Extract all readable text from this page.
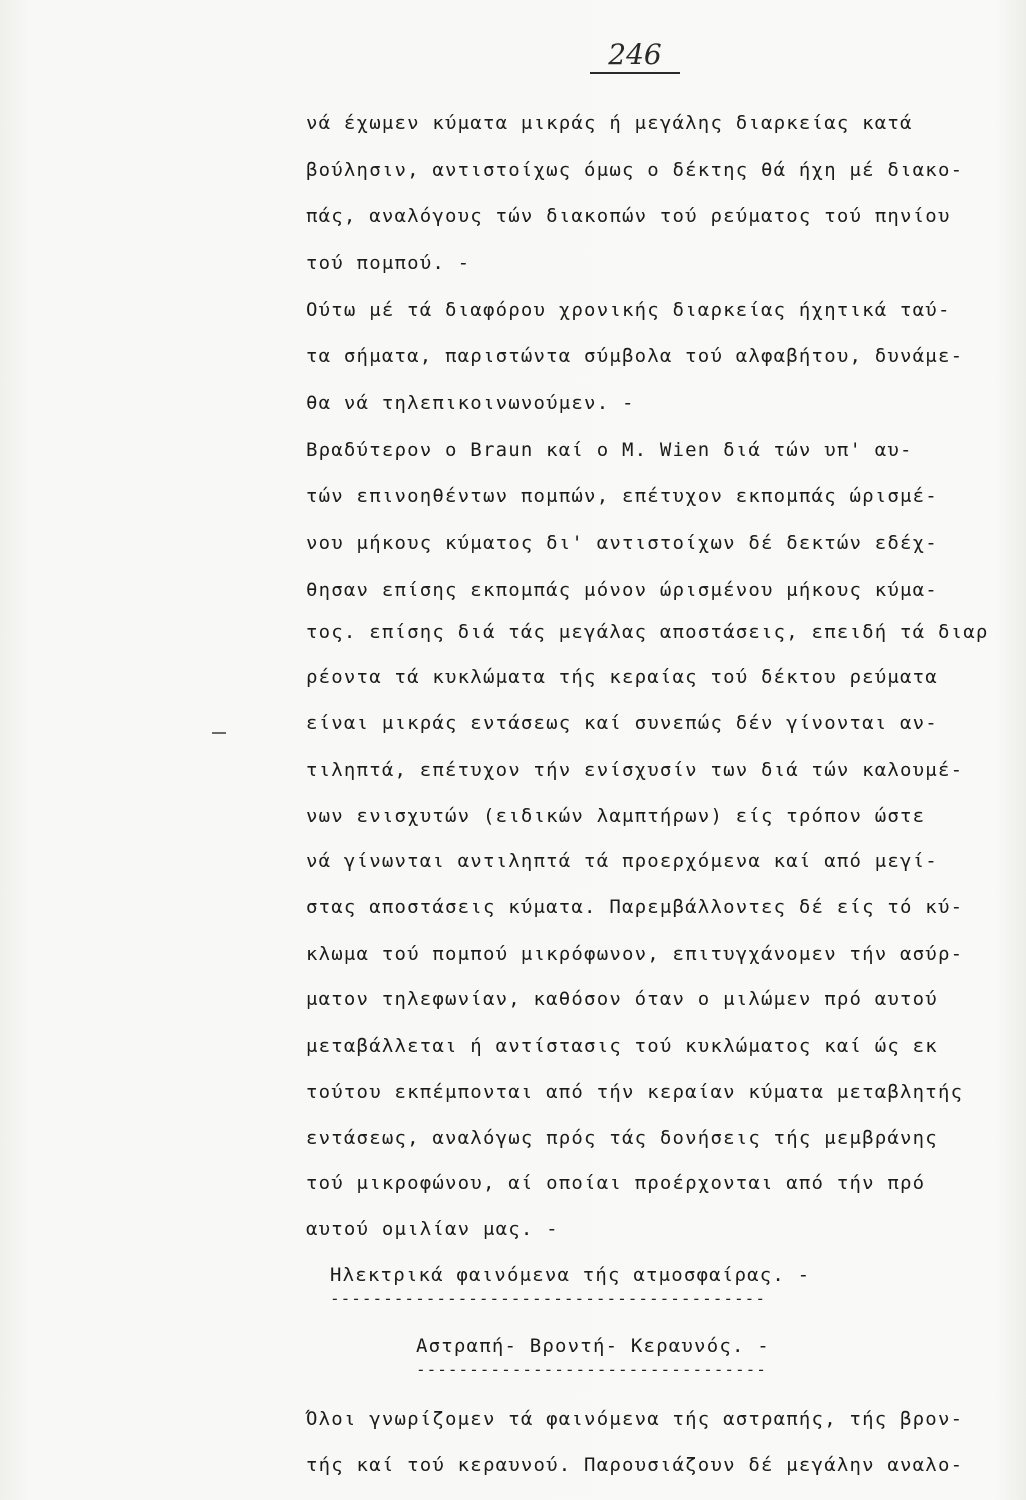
246
νά έχωμεν κύματα μικράς ή μεγάλης διαρκείας κατά
βούλησιν, αντιστοίχως όμως ο δέκτης θά ήχη μέ διακο-
πάς, αναλόγους τών διακοπών τού ρεύματος τού πηνίου
τού πομπού. -
Ούτω μέ τά διαφόρου χρονικής διαρκείας ήχητικά ταύ-
τα σήματα, παριστώντα σύμβολα τού αλφαβήτου, δυνάμε-
θα νά τηλεπικοινωνούμεν. -
Βραδύτερον ο Braun καί ο Μ. Wien διά τών υπ' αυ-
τών επινοηθέντων πομπών, επέτυχον εκπομπάς ώρισμέ-
νου μήκους κύματος δι' αντιστοίχων δέ δεκτών εδέχ-
θησαν επίσης εκπομπάς μόνον ώρισμένου μήκους κύμα-
τος. επίσης διά τάς μεγάλας αποστάσεις, επειδή τά διαρ
ρέοντα τά κυκλώματα τής κεραίας τού δέκτου ρεύματα
είναι μικράς εντάσεως καί συνεπώς δέν γίνονται αν-
τιληπτά, επέτυχον τήν ενίσχυσίν των διά τών καλουμέ-
νων ενισχυτών (ειδικών λαμπτήρων) είς τρόπον ώστε
νά γίνωνται αντιληπτά τά προερχόμενα καί από μεγί-
στας αποστάσεις κύματα. Παρεμβάλλοντες δέ είς τό κύ-
κλωμα τού πομπού μικρόφωνον, επιτυγχάνομεν τήν ασύρ-
ματον τηλεφωνίαν, καθόσον όταν ο μιλώμεν πρό αυτού
μεταβάλλεται ή αντίστασις τού κυκλώματος καί ώς εκ
τούτου εκπέμπονται από τήν κεραίαν κύματα μεταβλητής
εντάσεως, αναλόγως πρός τάς δονήσεις τής μεμβράνης
τού μικροφώνου, αί οποίαι προέρχονται από τήν πρό
αυτού ομιλίαν μας. -
Ηλεκτρικά φαινόμενα τής ατμοσφαίρας. -
-----------------------------------------
Αστραπή- Βροντή- Κεραυνός. -
---------------------------------
Όλοι γνωρίζομεν τά φαινόμενα τής αστραπής, τής βρον-
τής καί τού κεραυνού. Παρουσιάζουν δέ μεγάλην αναλο-
